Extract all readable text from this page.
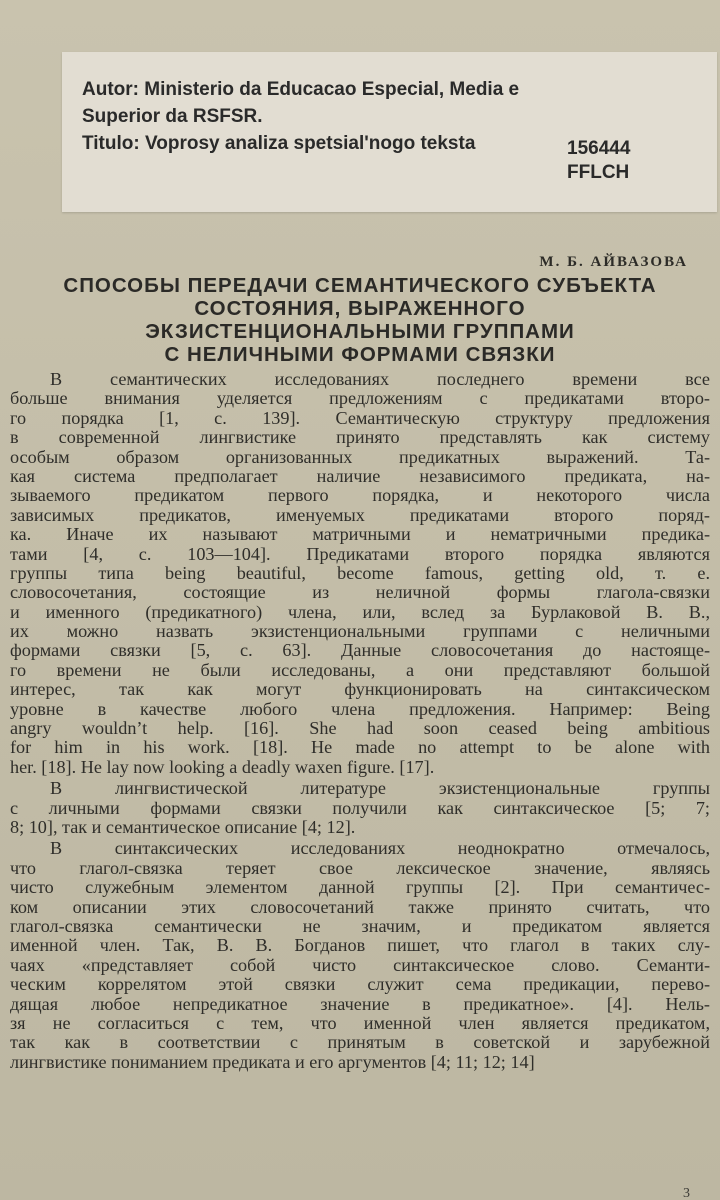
Autor: Ministerio da Educacao Especial, Media e
Superior da RSFSR.
Titulo: Voprosy analiza spetsial'nogo teksta	156444
FFLCH
М. Б. АЙВАЗОВА
СПОСОБЫ ПЕРЕДАЧИ СЕМАНТИЧЕСКОГО СУБЪЕКТА
СОСТОЯНИЯ, ВЫРАЖЕННОГО
ЭКЗИСТЕНЦИОНАЛЬНЫМИ ГРУППАМИ
С НЕЛИЧНЫМИ ФОРМАМИ СВЯЗКИ
В семантических исследованиях последнего времени все
больше внимания уделяется предложениям с предикатами второ-
го порядка [1, с. 139]. Семантическую структуру предложения
в современной лингвистике принято представлять как систему
особым образом организованных предикатных выражений. Та-
кая система предполагает наличие независимого предиката, на-
зываемого предикатом первого порядка, и некоторого числа
зависимых предикатов, именуемых предикатами второго поряд-
ка. Иначе их называют матричными и нематричными предика-
тами [4, с. 103—104]. Предикатами второго порядка являются
группы типа being beautiful, become famous, getting old, т. е.
словосочетания, состоящие из неличной формы глагола-связки
и именного (предикатного) члена, или, вслед за Бурлаковой В. В.,
их можно назвать экзистенциональными группами с неличными
формами связки [5, с. 63]. Данные словосочетания до настояще-
го времени не были исследованы, а они представляют большой
интерес, так как могут функционировать на синтаксическом
уровне в качестве любого члена предложения. Например: Being
angry wouldn’t help. [16]. She had soon ceased being ambitious
for him in his work. [18]. He made no attempt to be alone with
her. [18]. He lay now looking a deadly waxen figure. [17].
В лингвистической литературе экзистенциональные группы
с личными формами связки получили как синтаксическое [5; 7;
8; 10], так и семантическое описание [4; 12].
В синтаксических исследованиях неоднократно отмечалось,
что глагол-связка теряет свое лексическое значение, являясь
чисто служебным элементом данной группы [2]. При семантичес-
ком описании этих словосочетаний также принято считать, что
глагол-связка семантически не значим, и предикатом является
именной член. Так, В. В. Богданов пишет, что глагол в таких слу-
чаях «представляет собой чисто синтаксическое слово. Семанти-
ческим коррелятом этой связки служит сема предикации, перево-
дящая любое непредикатное значение в предикатное». [4]. Нель-
зя не согласиться с тем, что именной член является предикатом,
так как в соответствии с принятым в советской и зарубежной
лингвистике пониманием предиката и его аргументов [4; 11; 12; 14]
3
